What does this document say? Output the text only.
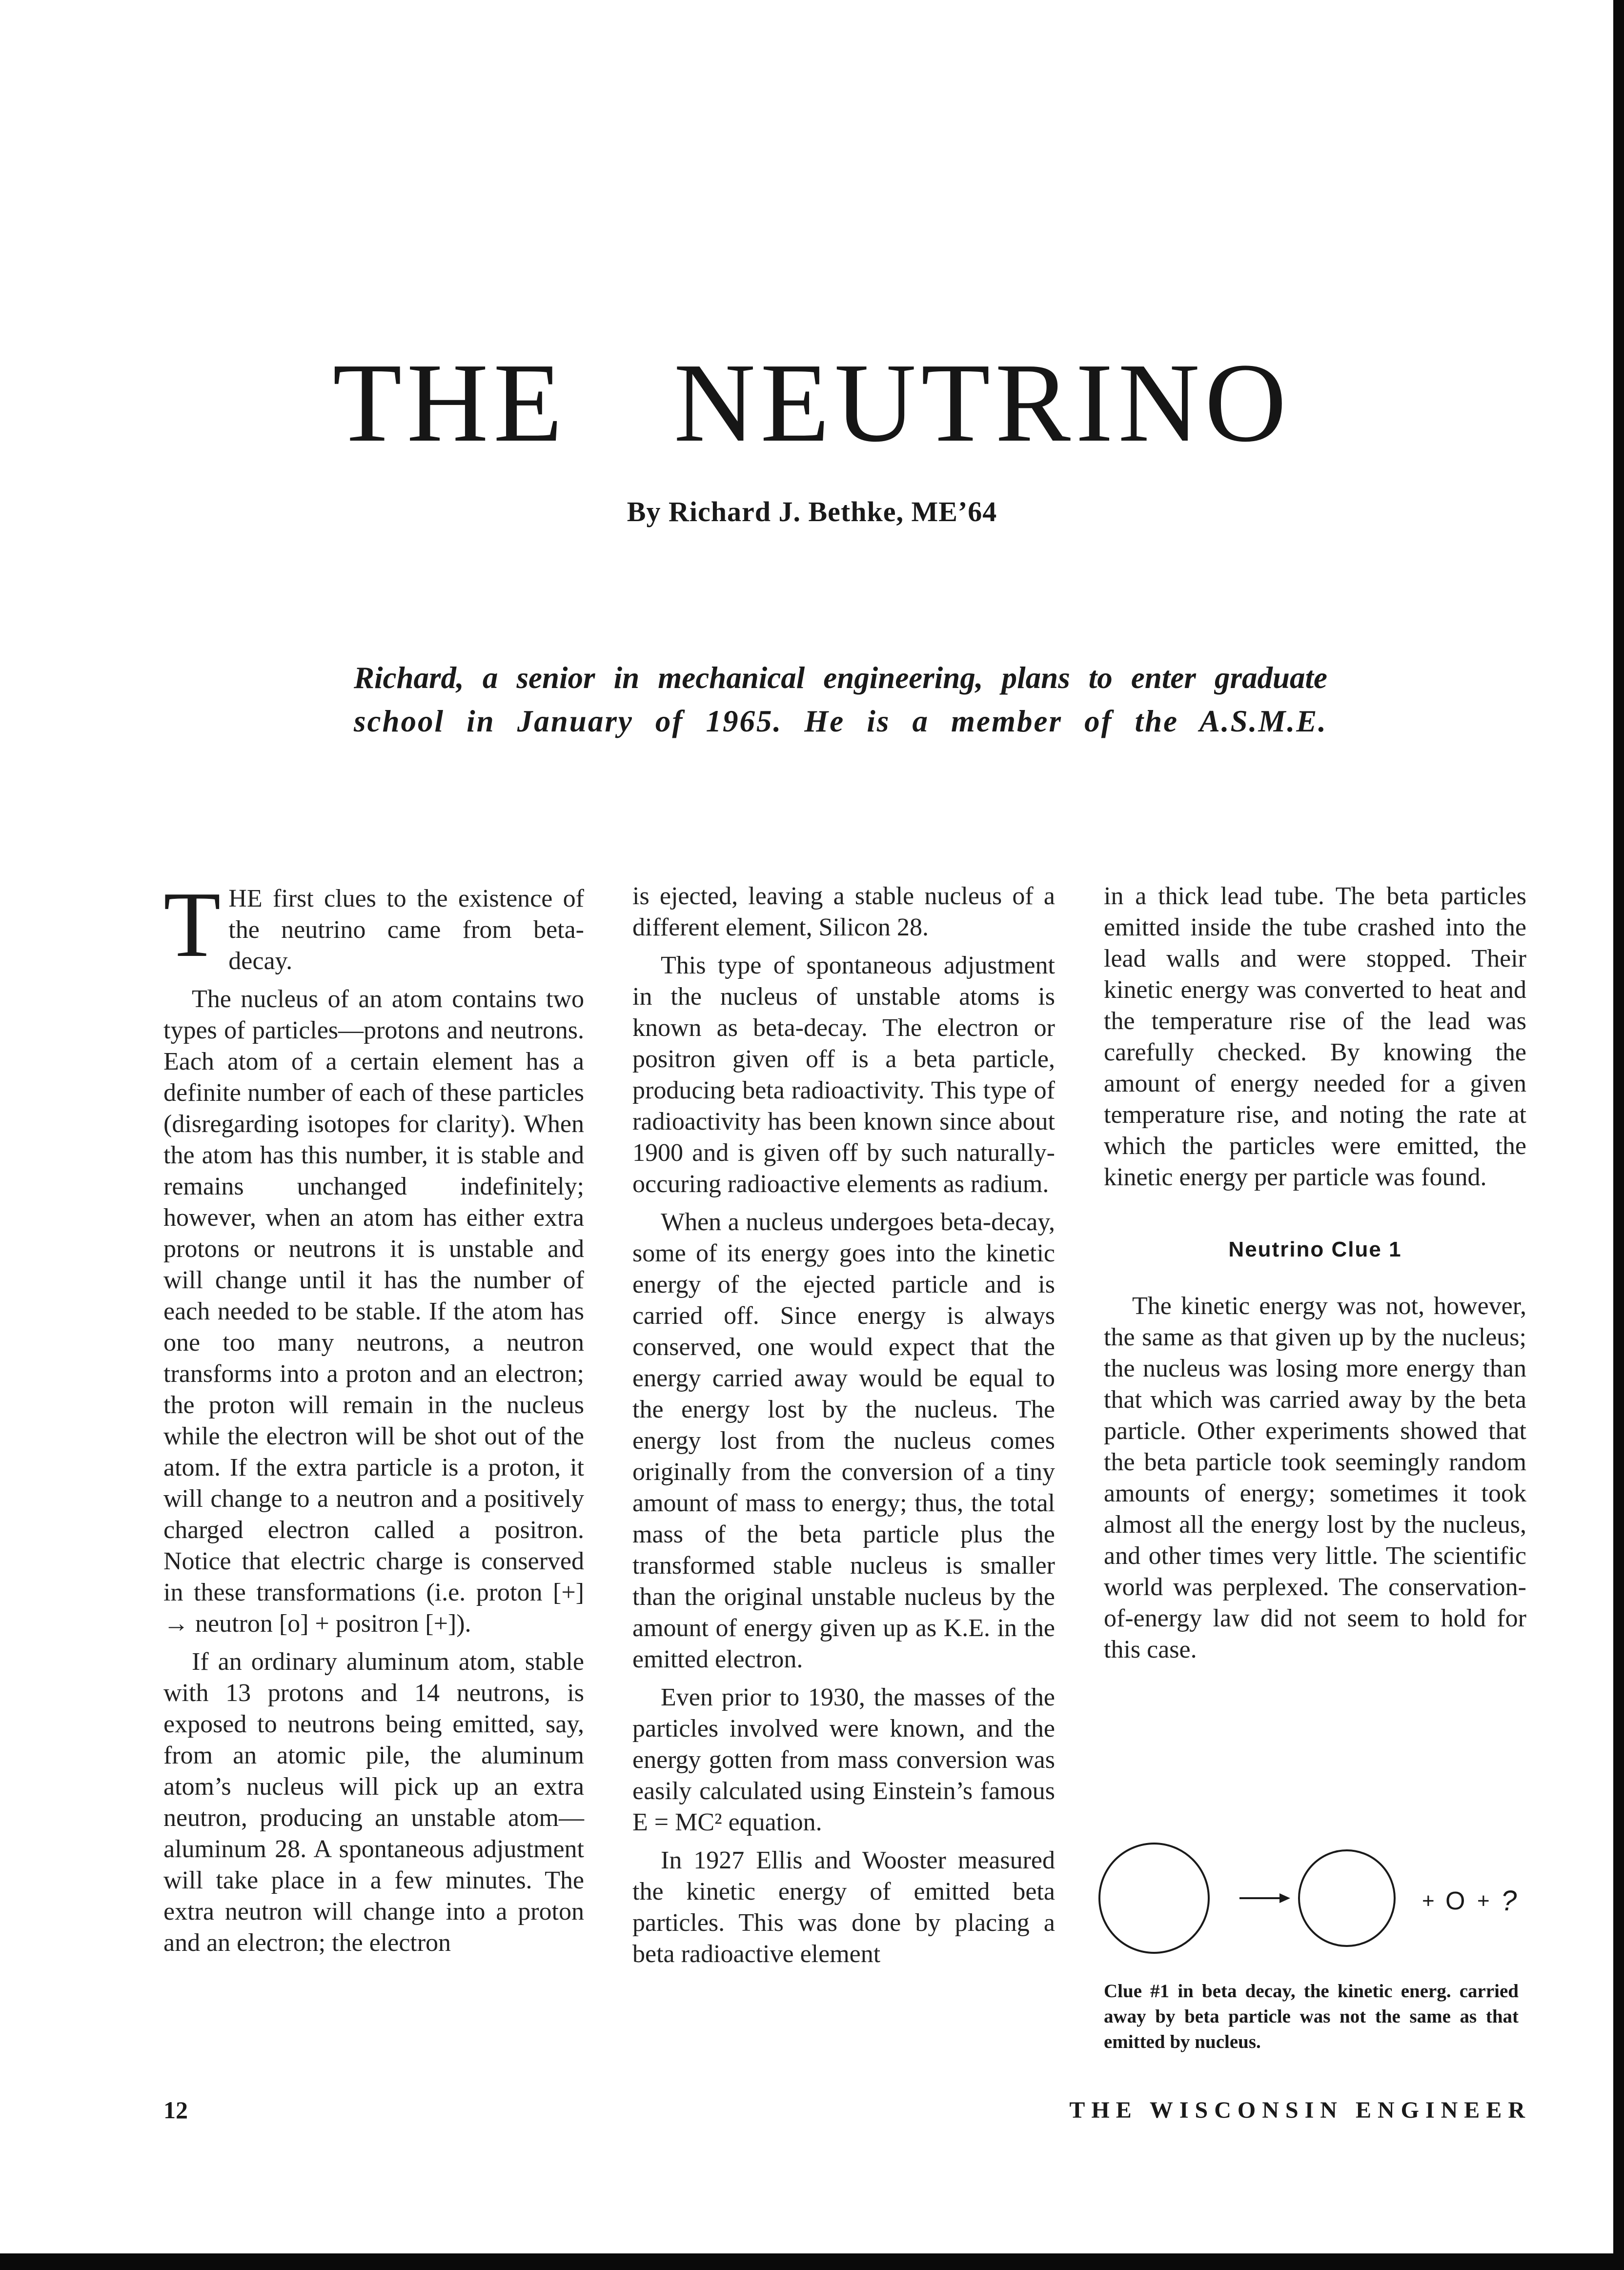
THE NEUTRINO
By Richard J. Bethke, ME’64
Richard, a senior in mechanical engineering, plans to enter graduate
school in January of 1965. He is a member of the A.S.M.E.

THE first clues to the existence of the neutrino came from beta-decay.

The nucleus of an atom contains two types of particles—protons and neutrons. Each atom of a certain element has a definite number of each of these particles (disregarding isotopes for clarity). When the atom has this number, it is stable and remains unchanged indefinitely; however, when an atom has either extra protons or neutrons it is unstable and will change until it has the number of each needed to be stable. If the atom has one too many neutrons, a neutron transforms into a proton and an electron; the proton will remain in the nucleus while the electron will be shot out of the atom. If the extra particle is a proton, it will change to a neutron and a positively charged electron called a positron. Notice that electric charge is conserved in these transformations (i.e. proton [+] → neutron [o] + positron [+]).

If an ordinary aluminum atom, stable with 13 protons and 14 neutrons, is exposed to neutrons being emitted, say, from an atomic pile, the aluminum atom’s nucleus will pick up an extra neutron, producing an unstable atom—aluminum 28. A spontaneous adjustment will take place in a few minutes. The extra neutron will change into a proton and an electron; the electron

is ejected, leaving a stable nucleus of a different element, Silicon 28.

This type of spontaneous adjustment in the nucleus of unstable atoms is known as beta-decay. The electron or positron given off is a beta particle, producing beta radioactivity. This type of radioactivity has been known since about 1900 and is given off by such naturally-occuring radioactive elements as radium.

When a nucleus undergoes beta-decay, some of its energy goes into the kinetic energy of the ejected particle and is carried off. Since energy is always conserved, one would expect that the energy carried away would be equal to the energy lost by the nucleus. The energy lost from the nucleus comes originally from the conversion of a tiny amount of mass to energy; thus, the total mass of the beta particle plus the transformed stable nucleus is smaller than the original unstable nucleus by the amount of energy given up as K.E. in the emitted electron.

Even prior to 1930, the masses of the particles involved were known, and the energy gotten from mass conversion was easily calculated using Einstein’s famous E = MC² equation.

In 1927 Ellis and Wooster measured the kinetic energy of emitted beta particles. This was done by placing a beta radioactive element

in a thick lead tube. The beta particles emitted inside the tube crashed into the lead walls and were stopped. Their kinetic energy was converted to heat and the temperature rise of the lead was carefully checked. By knowing the amount of energy needed for a given temperature rise, and noting the rate at which the particles were emitted, the kinetic energy per particle was found.

Neutrino Clue 1

The kinetic energy was not, however, the same as that given up by the nucleus; the nucleus was losing more energy than that which was carried away by the beta particle. Other experiments showed that the beta particle took seemingly random amounts of energy; sometimes it took almost all the energy lost by the nucleus, and other times very little. The scientific world was perplexed. The conservation-of-energy law did not seem to hold for this case.

+ O + ?
Clue #1 in beta decay, the kinetic energ. carried away by beta particle was not the same as that emitted by nucleus.
12	THE WISCONSIN ENGINEER
